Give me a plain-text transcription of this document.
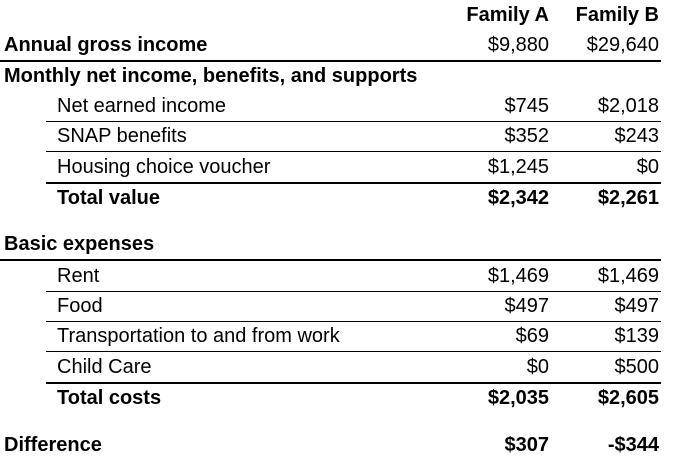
Family A Family B
Annual gross income	$9,880 $29,640
Monthly net income, benefits, and supports
Net earned income	$745 $2,018
SNAP benefits	$352	$243
Housing choice voucher	$1,245	$0
Total value	$2,342 $2,261
Basic expenses
Rent	$1,469 $1,469
Food	$497	$497
Transportation to and from work	$69	$139
Child Care	$0	$500
Total costs	$2,035 $2,605
Difference	$307	-$344
